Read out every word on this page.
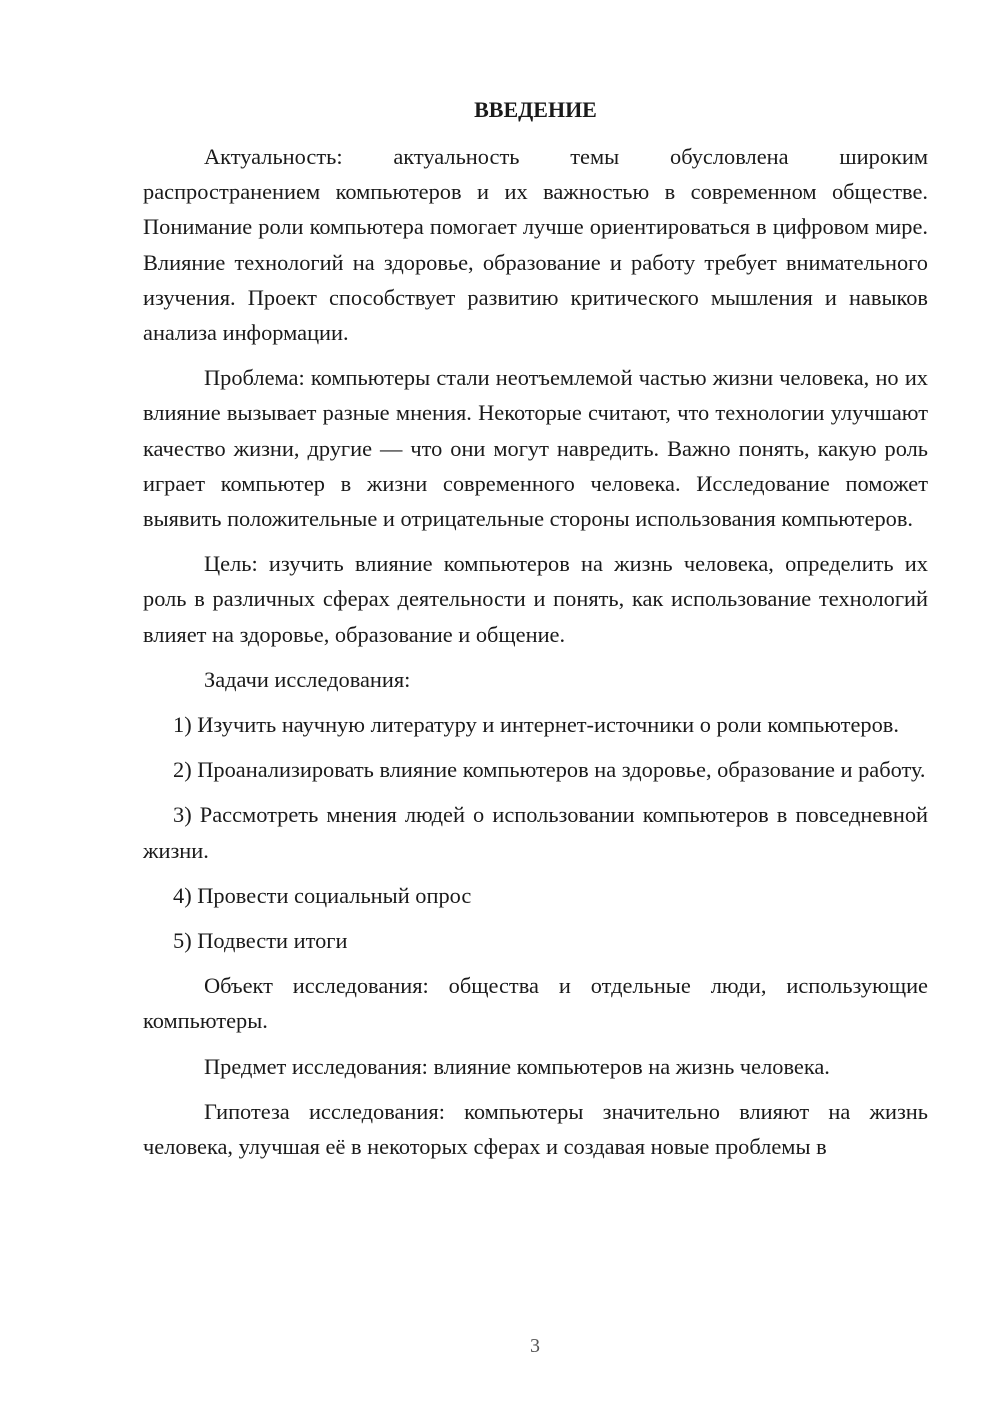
ВВЕДЕНИЕ

Актуальность: актуальность темы обусловлена широким распространением компьютеров и их важностью в современном обществе. Понимание роли компьютера помогает лучше ориентироваться в цифровом мире. Влияние технологий на здоровье, образование и работу требует внимательного изучения. Проект способствует развитию критического мышления и навыков анализа информации.

Проблема: компьютеры стали неотъемлемой частью жизни человека, но их влияние вызывает разные мнения. Некоторые считают, что технологии улучшают качество жизни, другие — что они могут навредить. Важно понять, какую роль играет компьютер в жизни современного человека. Исследование поможет выявить положительные и отрицательные стороны использования компьютеров.

Цель: изучить влияние компьютеров на жизнь человека, определить их роль в различных сферах деятельности и понять, как использование технологий влияет на здоровье, образование и общение.

Задачи исследования:

1) Изучить научную литературу и интернет-источники о роли компьютеров.

2) Проанализировать влияние компьютеров на здоровье, образование и работу.

3) Рассмотреть мнения людей о использовании компьютеров в повседневной жизни.

4) Провести социальный опрос

5) Подвести итоги

Объект исследования: общества и отдельные люди, использующие компьютеры.

Предмет исследования: влияние компьютеров на жизнь человека.

Гипотеза исследования: компьютеры значительно влияют на жизнь человека, улучшая её в некоторых сферах и создавая новые проблемы в

3
